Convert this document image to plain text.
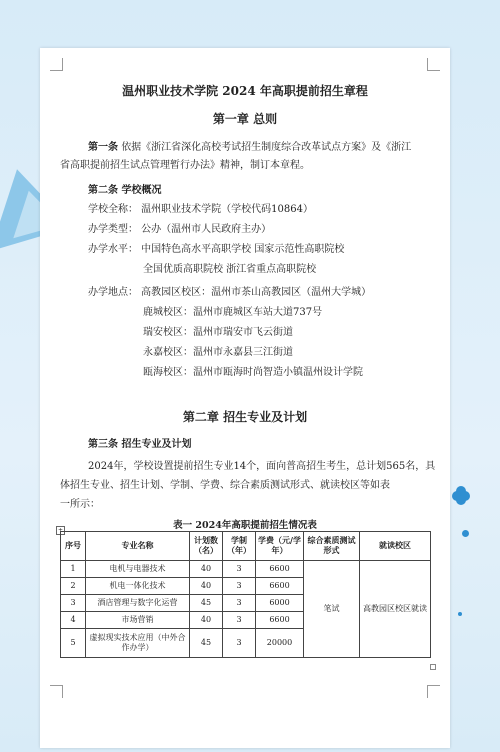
温州职业技术学院 2024 年高职提前招生章程
第一章 总则
第一条 依据《浙江省深化高校考试招生制度综合改革试点方案》及《浙江
省高职提前招生试点管理暂行办法》精神，制订本章程。
第二条 学校概况
学校全称： 温州职业技术学院（学校代码10864）
办学类型： 公办（温州市人民政府主办）
办学水平： 中国特色高水平高职学校 国家示范性高职院校
全国优质高职院校 浙江省重点高职院校
办学地点： 高教园区校区：温州市茶山高教园区（温州大学城）
鹿城校区：温州市鹿城区车站大道737号
瑞安校区：温州市瑞安市飞云街道
永嘉校区：温州市永嘉县三江街道
瓯海校区：温州市瓯海时尚智造小镇温州设计学院
第二章 招生专业及计划
第三条 招生专业及计划
2024年，学校设置提前招生专业14个，面向普高招生考生，总计划565名，具
体招生专业、招生计划、学制、学费、综合素质测试形式、就读校区等如表
一所示：
+	表一 2024年高职提前招生情况表
序号	专业名称	计划数（名）	学制（年）	学费（元/学年）	综合素质测试形式	就读校区
1	电机与电器技术	40	3	6600	笔试	高教园区校区就读
2	机电一体化技术	40	3	6600		
3	酒店管理与数字化运营	45	3	6000		
4	市场营销	40	3	6600		
5	虚拟现实技术应用（中外合作办学）	45	3	20000		
